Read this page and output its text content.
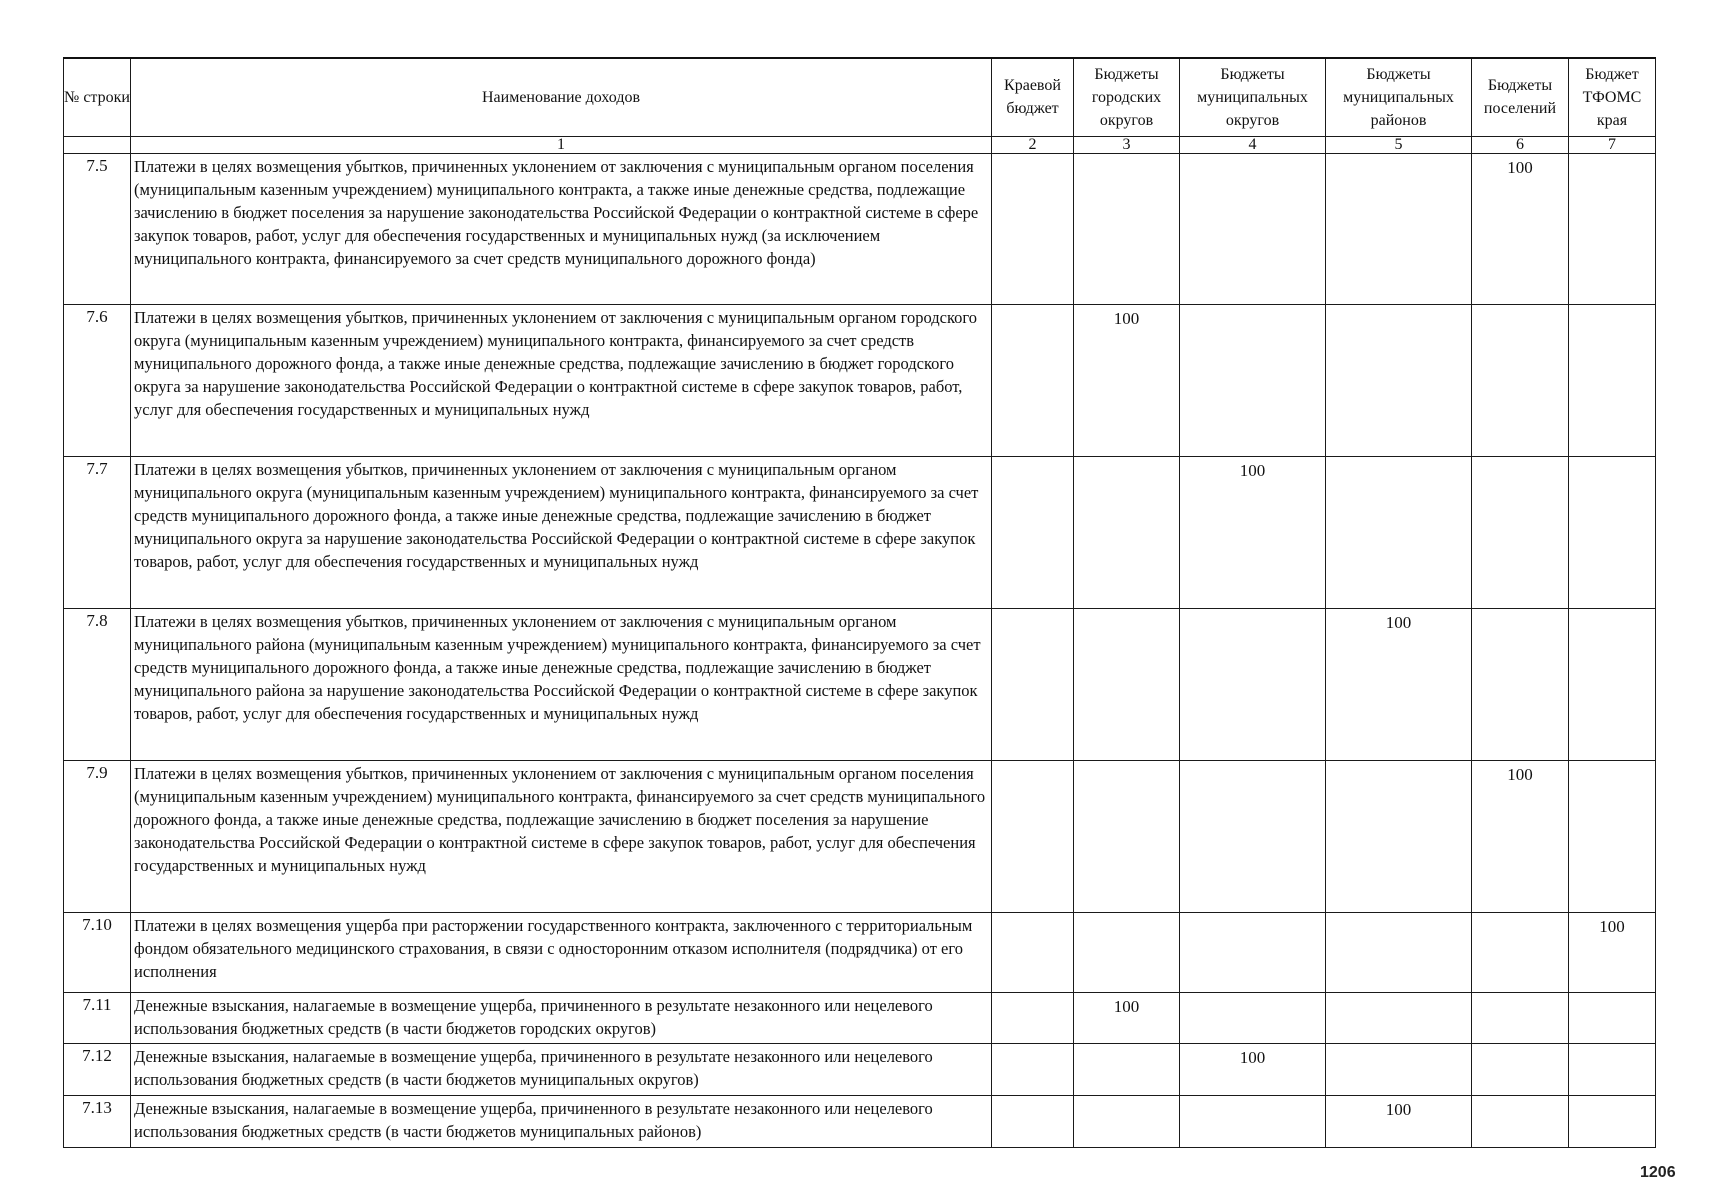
№ строки	Наименование доходов	Краевой бюджет	Бюджеты городских округов	Бюджеты муниципальных округов	Бюджеты муниципальных районов	Бюджеты поселений	Бюджет ТФОМС края
	1	2	3	4	5	6	7
7.5	Платежи в целях возмещения убытков, причиненных уклонением от заключения с муниципальным органом поселения (муниципальным казенным учреждением) муниципального контракта, а также иные денежные средства, подлежащие зачислению в бюджет поселения за нарушение законодательства Российской Федерации о контрактной системе в сфере закупок товаров, работ, услуг для обеспечения государственных и муниципальных нужд (за исключением муниципального контракта, финансируемого за счет средств муниципального дорожного фонда)					100	
7.6	Платежи в целях возмещения убытков, причиненных уклонением от заключения с муниципальным органом городского округа (муниципальным казенным учреждением) муниципального контракта, финансируемого за счет средств муниципального дорожного фонда, а также иные денежные средства, подлежащие зачислению в бюджет городского округа за нарушение законодательства Российской Федерации о контрактной системе в сфере закупок товаров, работ, услуг для обеспечения государственных и муниципальных нужд		100				
7.7	Платежи в целях возмещения убытков, причиненных уклонением от заключения с муниципальным органом муниципального округа (муниципальным казенным учреждением) муниципального контракта, финансируемого за счет средств муниципального дорожного фонда, а также иные денежные средства, подлежащие зачислению в бюджет муниципального округа за нарушение законодательства Российской Федерации о контрактной системе в сфере закупок товаров, работ, услуг для обеспечения государственных и муниципальных нужд			100			
7.8	Платежи в целях возмещения убытков, причиненных уклонением от заключения с муниципальным органом муниципального района (муниципальным казенным учреждением) муниципального контракта, финансируемого за счет средств муниципального дорожного фонда, а также иные денежные средства, подлежащие зачислению в бюджет муниципального района за нарушение законодательства Российской Федерации о контрактной системе в сфере закупок товаров, работ, услуг для обеспечения государственных и муниципальных нужд				100		
7.9	Платежи в целях возмещения убытков, причиненных уклонением от заключения с муниципальным органом поселения (муниципальным казенным учреждением) муниципального контракта, финансируемого за счет средств муниципального дорожного фонда, а также иные денежные средства, подлежащие зачислению в бюджет поселения за нарушение законодательства Российской Федерации о контрактной системе в сфере закупок товаров, работ, услуг для обеспечения государственных и муниципальных нужд					100	
7.10	Платежи в целях возмещения ущерба при расторжении государственного контракта, заключенного с территориальным фондом обязательного медицинского страхования, в связи с односторонним отказом исполнителя (подрядчика) от его исполнения						100
7.11	Денежные взыскания, налагаемые в возмещение ущерба, причиненного в результате незаконного или нецелевого использования бюджетных средств (в части бюджетов городских округов)		100				
7.12	Денежные взыскания, налагаемые в возмещение ущерба, причиненного в результате незаконного или нецелевого использования бюджетных средств (в части бюджетов муниципальных округов)			100			
7.13	Денежные взыскания, налагаемые в возмещение ущерба, причиненного в результате незаконного или нецелевого использования бюджетных средств (в части бюджетов муниципальных районов)				100		
1206
